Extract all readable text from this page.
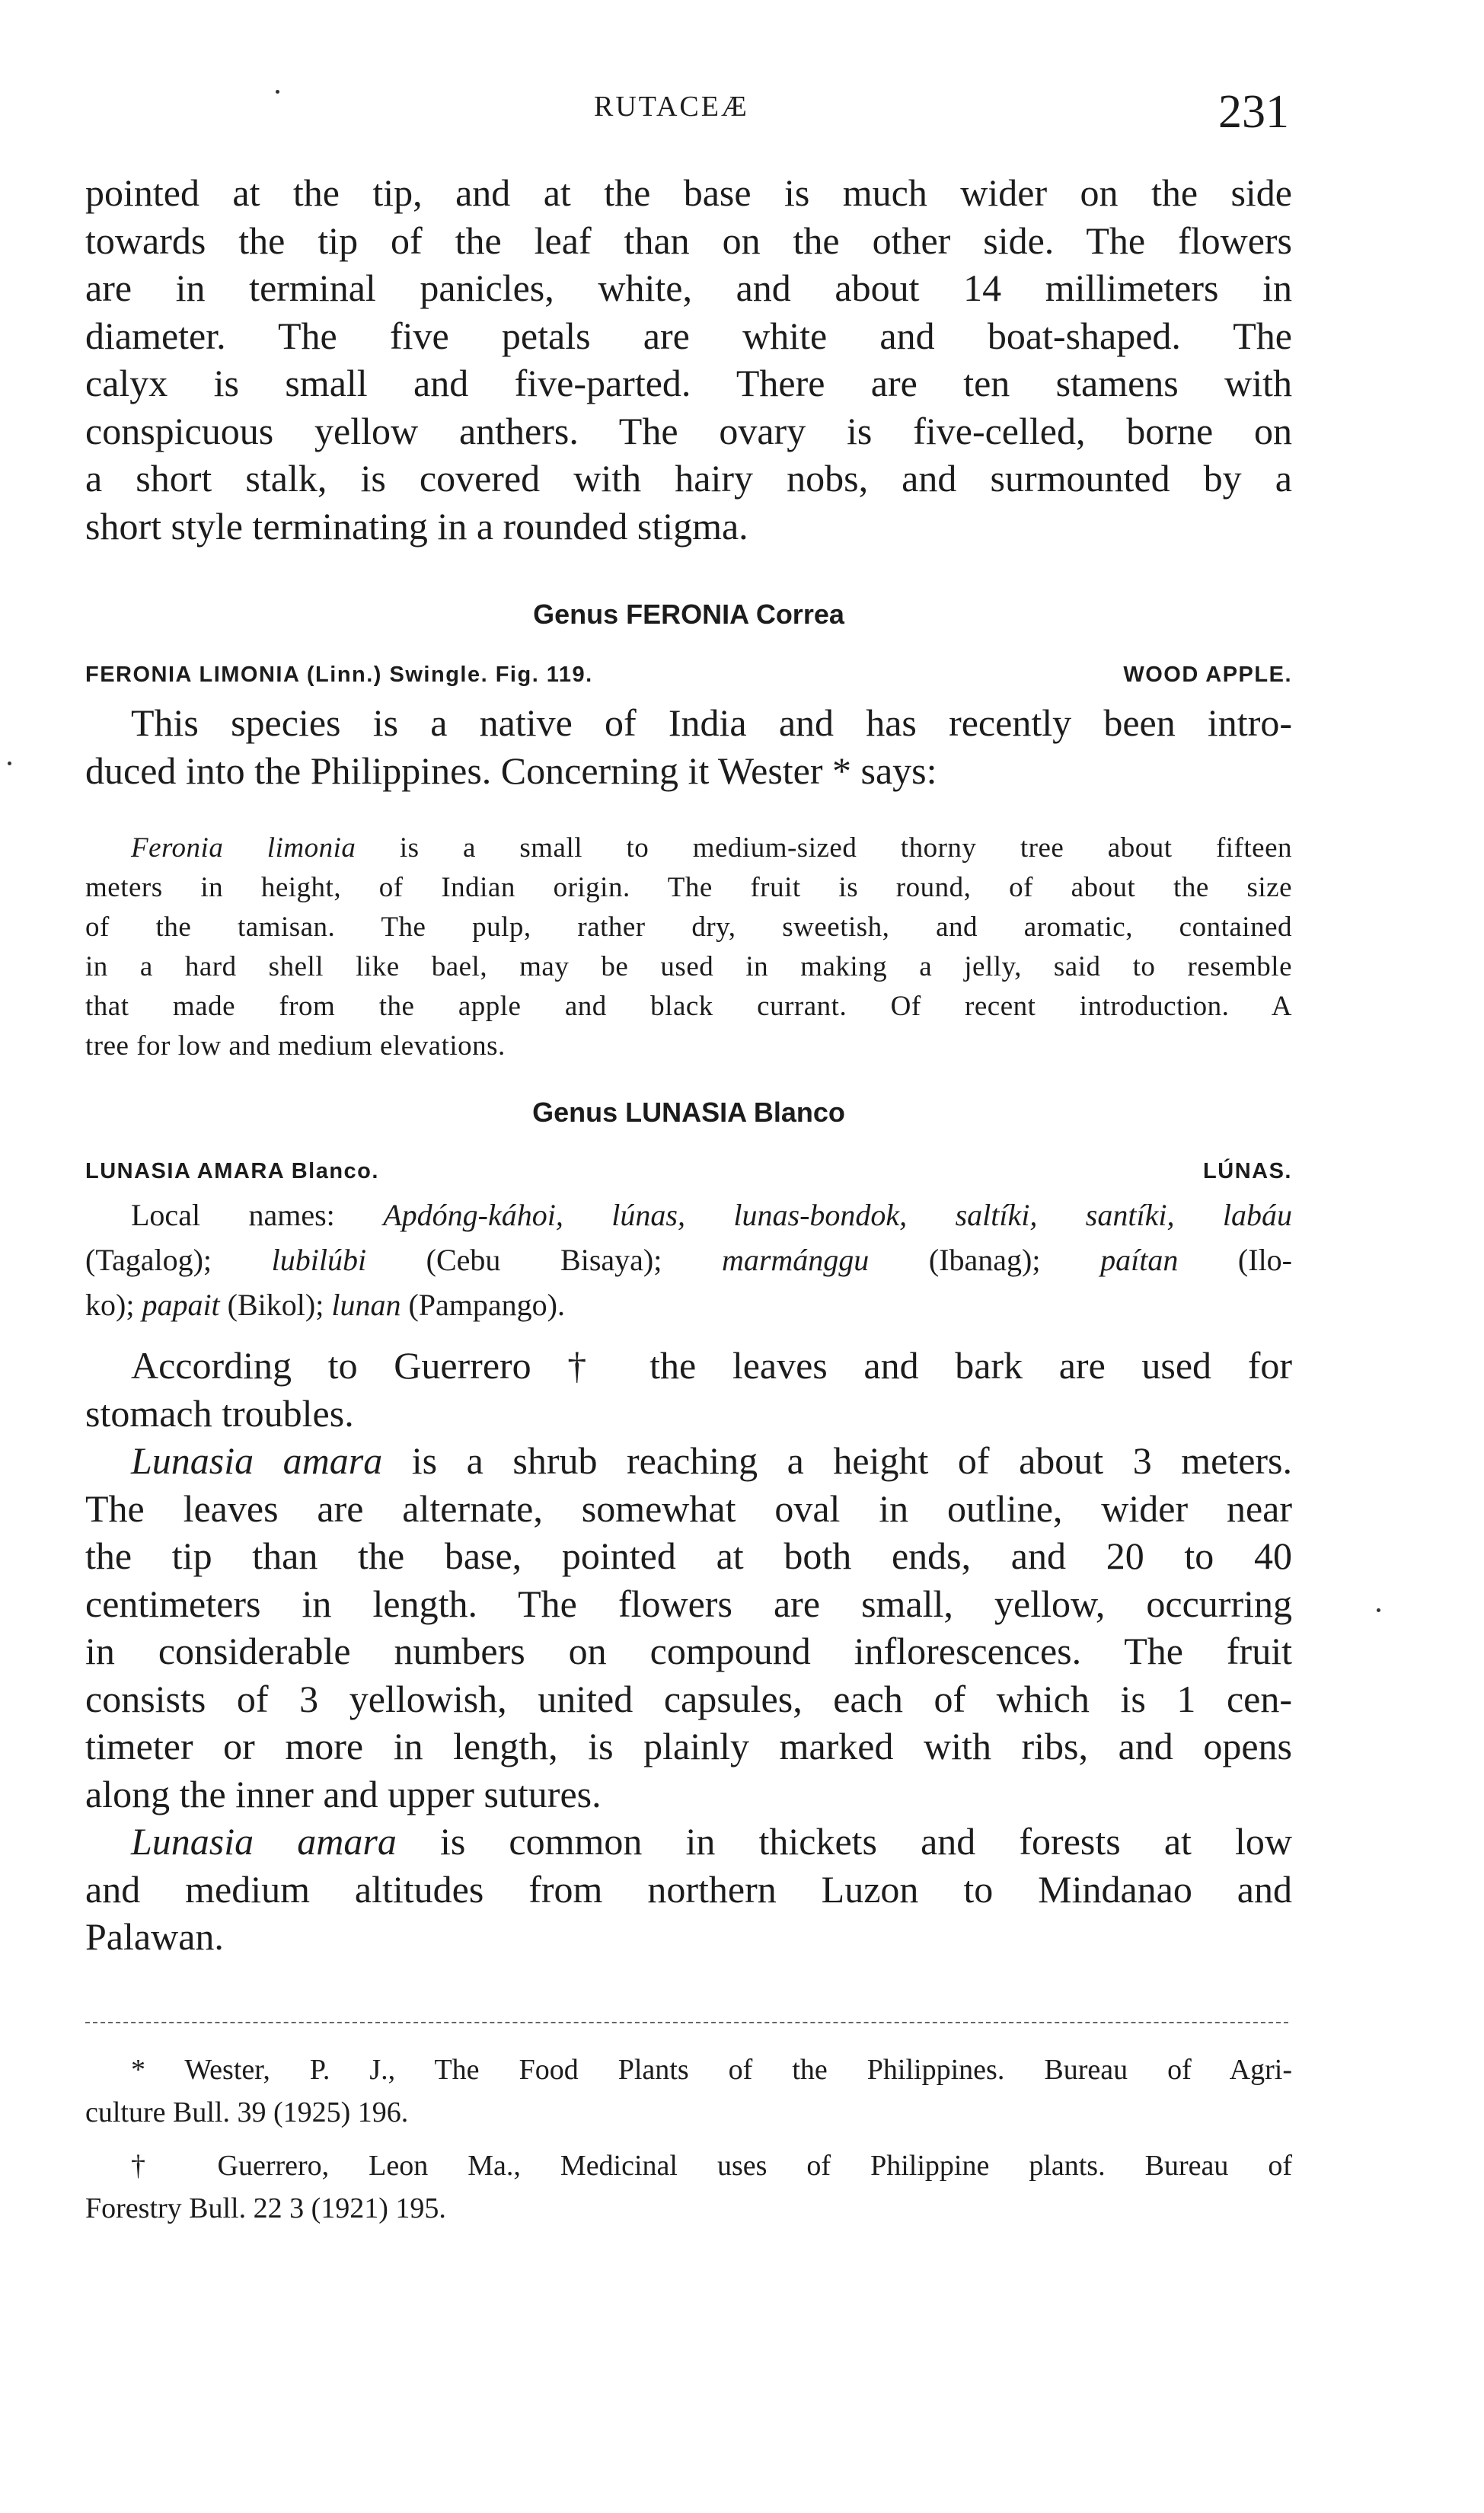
RUTACEÆ	231

pointed at the tip, and at the base is much wider on the side
towards the tip of the leaf than on the other side. The flowers
are in terminal panicles, white, and about 14 millimeters in
diameter. The five petals are white and boat-shaped. The
calyx is small and five-parted. There are ten stamens with
conspicuous yellow anthers. The ovary is five-celled, borne on
a short stalk, is covered with hairy nobs, and surmounted by a
short style terminating in a rounded stigma.

Genus FERONIA Correa
FERONIA LIMONIA (Linn.) Swingle. Fig. 119.	WOOD APPLE.

This species is a native of India and has recently been intro-
duced into the Philippines. Concerning it Wester * says:

Feronia limonia is a small to medium-sized thorny tree about fifteen
meters in height, of Indian origin. The fruit is round, of about the size
of the tamisan. The pulp, rather dry, sweetish, and aromatic, contained
in a hard shell like bael, may be used in making a jelly, said to resemble
that made from the apple and black currant. Of recent introduction. A
tree for low and medium elevations.
Genus LUNASIA Blanco
LUNASIA AMARA Blanco.	LÚNAS.
Local names: Apdóng-káhoi, lúnas, lunas-bondok, saltíki, santíki, labáu
(Tagalog); lubilúbi (Cebu Bisaya); marmánggu (Ibanag); paítan (Ilo-
ko); papait (Bikol); lunan (Pampango).

According to Guerrero † the leaves and bark are used for
stomach troubles.
Lunasia amara is a shrub reaching a height of about 3 meters.
The leaves are alternate, somewhat oval in outline, wider near
the tip than the base, pointed at both ends, and 20 to 40
centimeters in length. The flowers are small, yellow, occurring
in considerable numbers on compound inflorescences. The fruit
consists of 3 yellowish, united capsules, each of which is 1 cen-
timeter or more in length, is plainly marked with ribs, and opens
along the inner and upper sutures.
Lunasia amara is common in thickets and forests at low
and medium altitudes from northern Luzon to Mindanao and
Palawan.

* Wester, P. J., The Food Plants of the Philippines. Bureau of Agri-
culture Bull. 39 (1925) 196.
† Guerrero, Leon Ma., Medicinal uses of Philippine plants. Bureau of
Forestry Bull. 22 3 (1921) 195.
